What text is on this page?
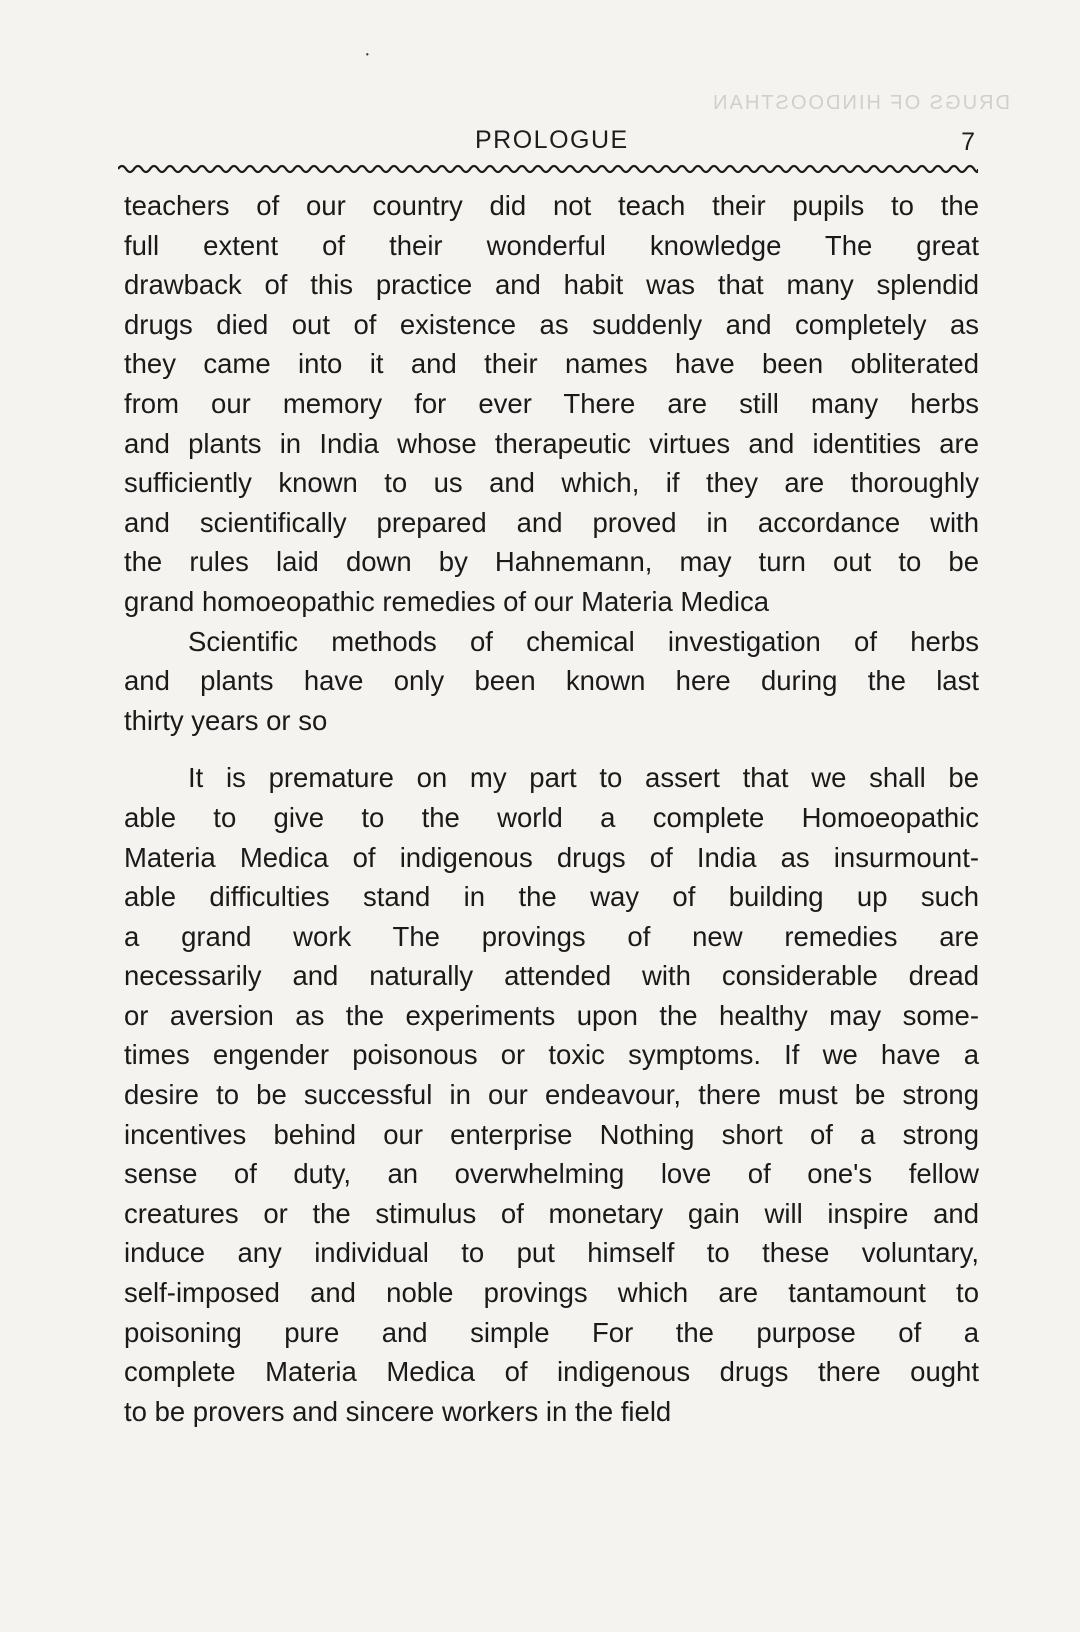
·
DRUGS OF HINDOOSTHAN
PROLOGUE	7
teachers of our country did not teach their pupils to the
full extent of their wonderful knowledge The great
drawback of this practice and habit was that many splendid
drugs died out of existence as suddenly and completely as
they came into it and their names have been obliterated
from our memory for ever There are still many herbs
and plants in India whose therapeutic virtues and identities are
sufficiently known to us and which, if they are thoroughly
and scientifically prepared and proved in accordance with
the rules laid down by Hahnemann, may turn out to be
grand homoeopathic remedies of our Materia Medica
Scientific methods of chemical investigation of herbs
and plants have only been known here during the last
thirty years or so
It is premature on my part to assert that we shall be
able to give to the world a complete Homoeopathic
Materia Medica of indigenous drugs of India as insurmount-
able difficulties stand in the way of building up such
a grand work The provings of new remedies are
necessarily and naturally attended with considerable dread
or aversion as the experiments upon the healthy may some-
times engender poisonous or toxic symptoms. If we have a
desire to be successful in our endeavour, there must be strong
incentives behind our enterprise Nothing short of a strong
sense of duty, an overwhelming love of one's fellow
creatures or the stimulus of monetary gain will inspire and
induce any individual to put himself to these voluntary,
self-imposed and noble provings which are tantamount to
poisoning pure and simple For the purpose of a
complete Materia Medica of indigenous drugs there ought
to be provers and sincere workers in the field
